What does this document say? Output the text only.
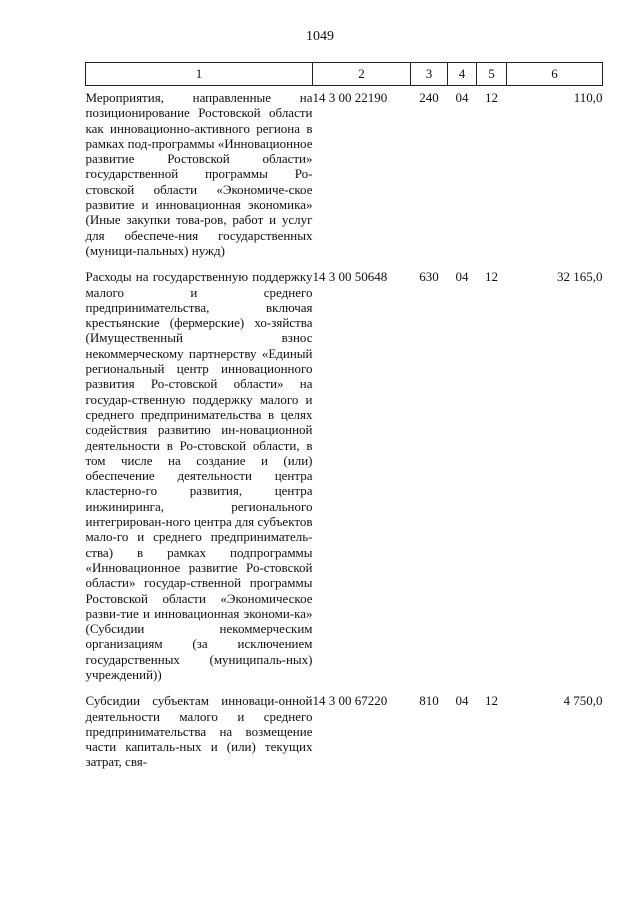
1049
1	2	3	4	5	6
Мероприятия, направленные на позиционирование Ростовской области как инновационно-активного региона в рамках под-программы «Инновационное развитие Ростовской области» государственной программы Ро-стовской области «Экономиче-ское развитие и инновационная экономика» (Иные закупки това-ров, работ и услуг для обеспече-ния государственных (муници-пальных) нужд)	14 3 00 22190	240	04	12	110,0
Расходы на государственную поддержку малого и среднего предпринимательства, включая крестьянские (фермерские) хо-зяйства (Имущественный взнос некоммерческому партнерству «Единый региональный центр инновационного развития Ро-стовской области» на государ-ственную поддержку малого и среднего предпринимательства в целях содействия развитию ин-новационной деятельности в Ро-стовской области, в том числе на создание и (или) обеспечение деятельности центра кластерно-го развития, центра инжиниринга, регионального интегрирован-ного центра для субъектов мало-го и среднего предприниматель-ства) в рамках подпрограммы «Инновационное развитие Ро-стовской области» государ-ственной программы Ростовской области «Экономическое разви-тие и инновационная экономи-ка» (Субсидии некоммерческим организациям (за исключением государственных (муниципаль-ных) учреждений))	14 3 00 50648	630	04	12	32 165,0
Субсидии субъектам инноваци-онной деятельности малого и среднего предпринимательства на возмещение части капиталь-ных и (или) текущих затрат, свя-	14 3 00 67220	810	04	12	4 750,0
